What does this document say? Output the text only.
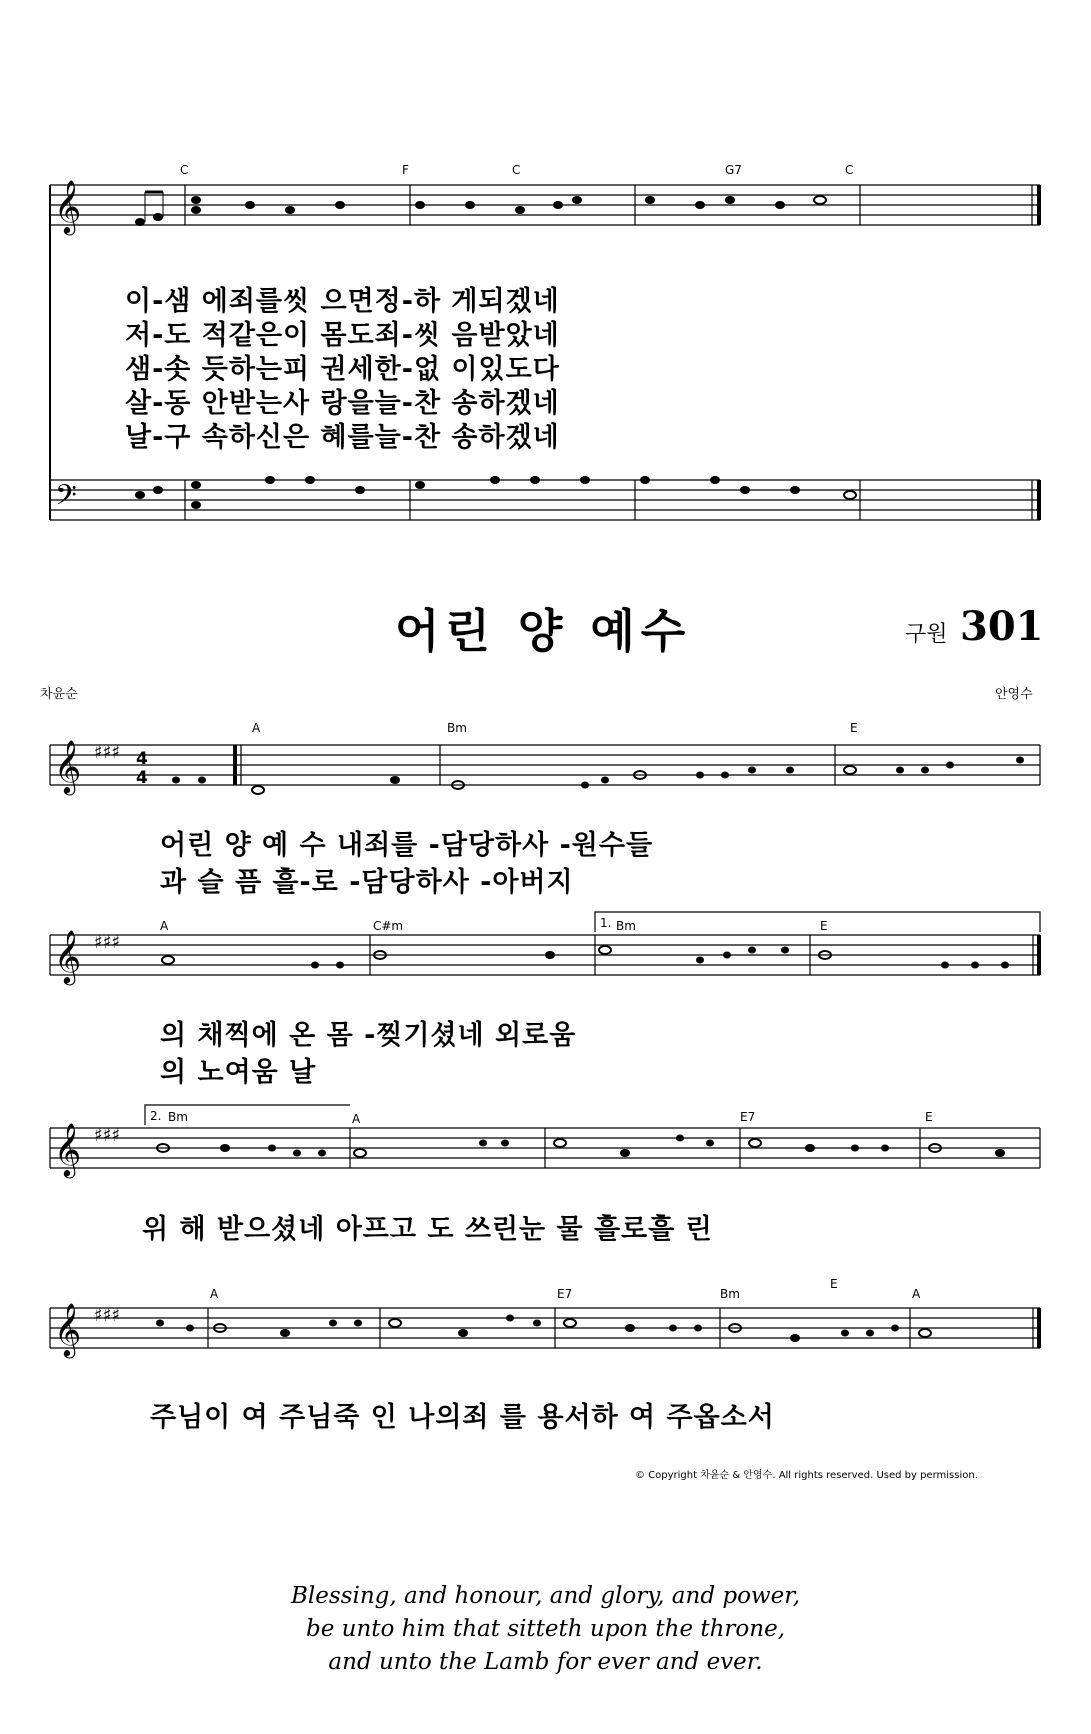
𝄞
C	F	C	G7	C
이-샘 에죄를씻 으면정-하 게되겠네
저-도 적같은이 몸도죄-씻 음받았네
샘-솟 듯하는피 권세한-없 이있도다
살-동 안받는사 랑을늘-찬 송하겠네
날-구 속하신은 혜를늘-찬 송하겠네
𝄢
어린 양 예수	구원 301
차윤순	안영수
𝄞 ♯♯♯ 4
4
A	Bm	E
어린 양 예 수 내죄를 -담당하사 -원수들
과 슬 픔 흘-로 -담당하사 -아버지
𝄞 ♯♯♯
1.
A	C#m	Bm	E
의 채찍에 온 몸 -찢기셨네 외로움
의 노여움 날
𝄞 ♯♯♯
2. Bm	A	E7	E
위 해 받으셨네 아프고 도 쓰린눈 물 흘로흘 린
𝄞 ♯♯♯
A	E7	Bm
E
A
주님이 여 주님죽 인 나의죄 를 용서하 여 주옵소서
© Copyright 차윤순 & 안영수. All rights reserved. Used by permission.
Blessing, and honour, and glory, and power,
be unto him that sitteth upon the throne,
and unto the Lamb for ever and ever.
